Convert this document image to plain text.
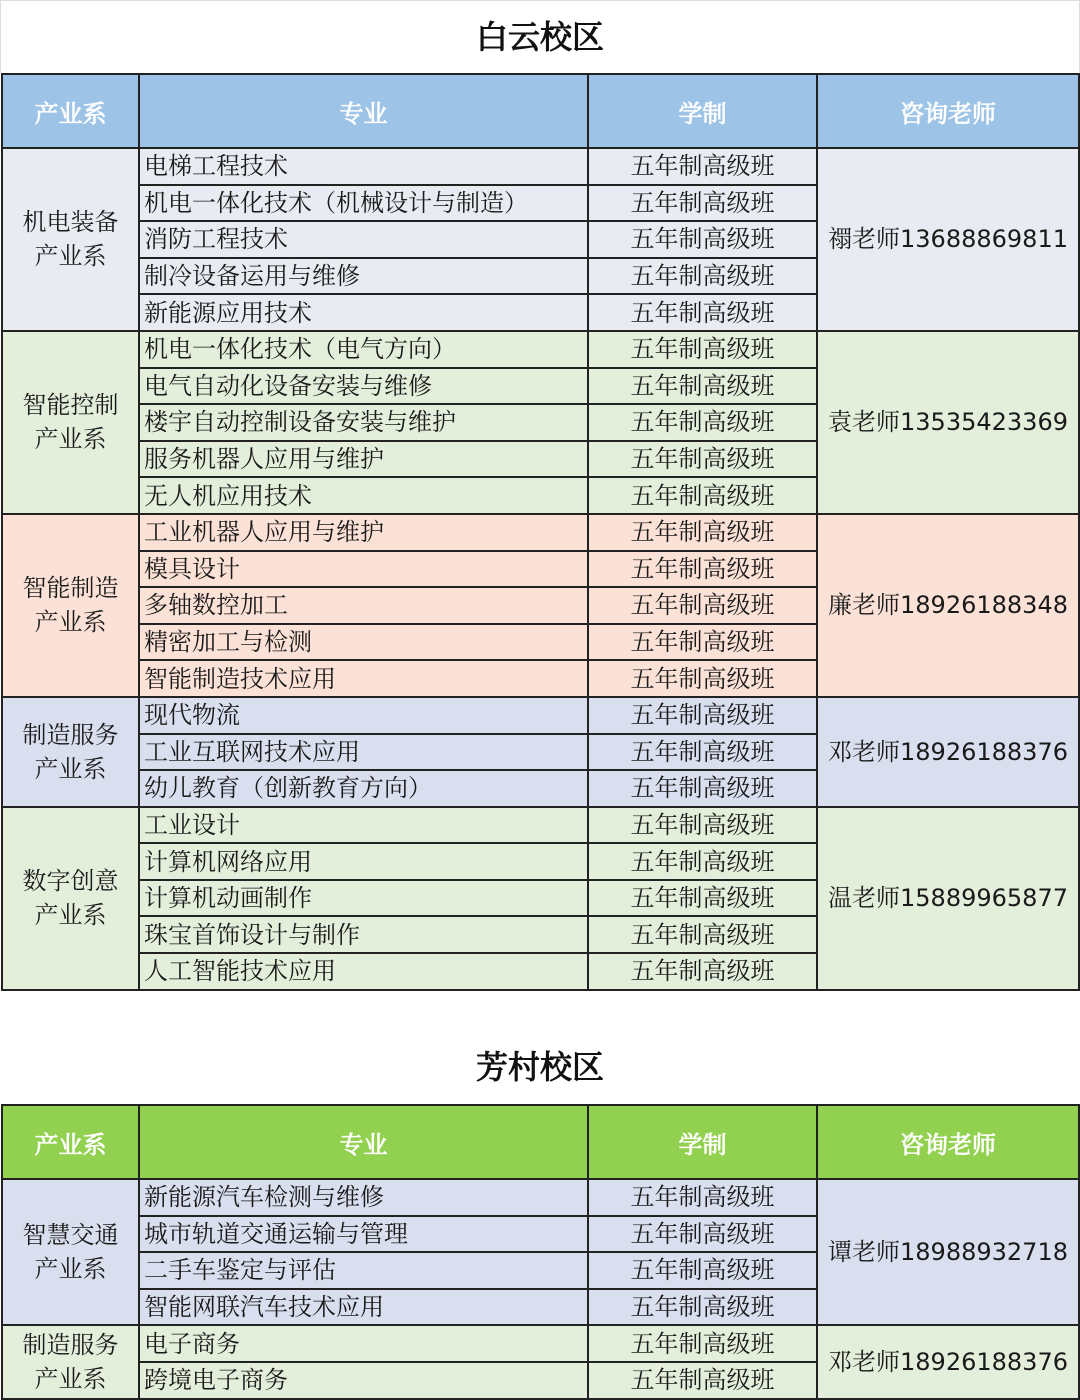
白云校区
产业系	专业	学制	咨询老师
机电装备产业系	电梯工程技术	五年制高级班	禤老师13688869811
	机电一体化技术（机械设计与制造）	五年制高级班	
	消防工程技术	五年制高级班	
	制冷设备运用与维修	五年制高级班	
	新能源应用技术	五年制高级班	
智能控制产业系	机电一体化技术（电气方向）	五年制高级班	袁老师13535423369
	电气自动化设备安装与维修	五年制高级班	
	楼宇自动控制设备安装与维护	五年制高级班	
	服务机器人应用与维护	五年制高级班	
	无人机应用技术	五年制高级班	
智能制造产业系	工业机器人应用与维护	五年制高级班	廉老师18926188348
	模具设计	五年制高级班	
	多轴数控加工	五年制高级班	
	精密加工与检测	五年制高级班	
	智能制造技术应用	五年制高级班	
制造服务产业系	现代物流	五年制高级班	邓老师18926188376
	工业互联网技术应用	五年制高级班	
	幼儿教育（创新教育方向）	五年制高级班	
数字创意产业系	工业设计	五年制高级班	温老师15889965877
	计算机网络应用	五年制高级班	
	计算机动画制作	五年制高级班	
	珠宝首饰设计与制作	五年制高级班	
	人工智能技术应用	五年制高级班	
芳村校区
产业系	专业	学制	咨询老师
智慧交通产业系	新能源汽车检测与维修	五年制高级班	谭老师18988932718
	城市轨道交通运输与管理	五年制高级班	
	二手车鉴定与评估	五年制高级班	
	智能网联汽车技术应用	五年制高级班	
制造服务产业系	电子商务	五年制高级班	邓老师18926188376
	跨境电子商务	五年制高级班	
